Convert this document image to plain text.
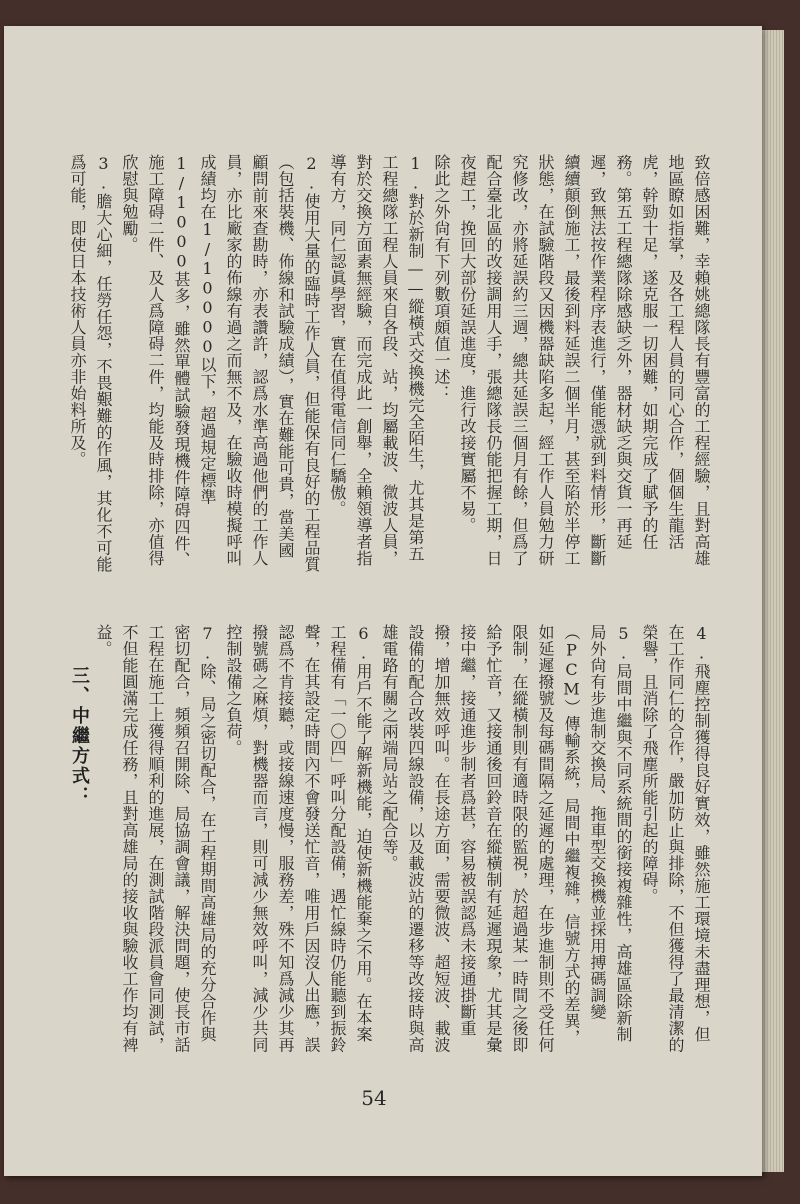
致倍感困難，幸賴姚總隊長有豐富的工程經驗，且對高雄地區瞭如指掌，及各工程人員的同心合作，個個生龍活虎，幹勁十足，遂克服一切困難，如期完成了賦予的任務。第五工程總隊除感缺乏外，器材缺乏與交貨一再延遲，致無法按作業程序表進行，僅能憑就到料情形，斷斷續續顛倒施工，最後到料延誤二個半月，甚至陷於半停工狀態，在試驗階段又因機器缺陷多起，經工作人員勉力研究修改，亦將延誤約三週，總共延誤三個月有餘，但爲了配合臺北區的改接調用人手，張總隊長仍能把握工期，日夜趕工，挽回大部份延誤進度，進行改接實屬不易。

除此之外尙有下列數項頗值一述：

1.對於新制——縱橫式交換機完全陌生，尤其是第五工程總隊工程人員來自各段、站，均屬載波、微波人員，對於交換方面素無經驗，而完成此一創舉，全賴領導者指導有方，同仁認眞學習，實在值得電信同仁驕傲。

2.使用大量的臨時工作人員，但能保有良好的工程品質（包括裝機、佈線和試驗成績），實在難能可貴，當美國顧問前來查勘時，亦表讚許，認爲水準高過他們的工作人員，亦比廠家的佈線有過之而無不及，在驗收時模擬呼叫成績均在1/10000以下，超過規定標準1/1000甚多，雖然單體試驗發現機件障碍四件、施工障碍二件、及人爲障碍二件，均能及時排除，亦值得欣慰與勉勵。

3.膽大心細，任勞任怨，不畏艱難的作風，其化不可能爲可能，即使日本技術人員亦非始料所及。

4.飛塵控制獲得良好實效，雖然施工環境未盡理想，但在工作同仁的合作，嚴加防止與排除，不但獲得了最清潔的榮譽，且消除了飛塵所能引起的障碍。

5.局間中繼與不同系統間的銜接複雜性，高雄區除新制局外尙有步進制交換局、拖車型交換機並採用搏碼調變（PCM）傳輸系統，局間中繼複雜，信號方式的差異，如延遲撥號及每碼間隔之延遲的處理，在步進制則不受任何限制，在縱橫制則有適時限的監視，於超過某一時間之後即給予忙音，又接通後回鈴音在縱橫制有延遲現象，尤其是彙接中繼，接通進步制者爲甚，容易被誤認爲未接通掛斷重撥，增加無效呼叫。在長途方面，需要微波、超短波、載波設備的配合改裝四線設備，以及載波站的遷移等改接時與高雄電路有關之兩端局站之配合等。

6.用戶不能了解新機能，迫使新機能棄之不用。在本案工程備有「一〇四」呼叫分配設備，遇忙線時仍能聽到振鈴聲，在其設定時間內不會發送忙音，唯用戶因沒人出應，誤認爲不肯接聽，或接線速度慢，服務差，殊不知爲減少其再撥號碼之麻煩，對機器而言，則可減少無效呼叫，減少共同控制設備之負荷。

7.除、局之密切配合，在工程期間高雄局的充分合作與密切配合，頻頻召開除、局協調會議，解決問題，使長市話工程在施工上獲得順利的進展，在測試階段派員會同測試，不但能圓滿完成任務，且對高雄局的接收與驗收工作均有裨益。

三、中繼方式：
54
